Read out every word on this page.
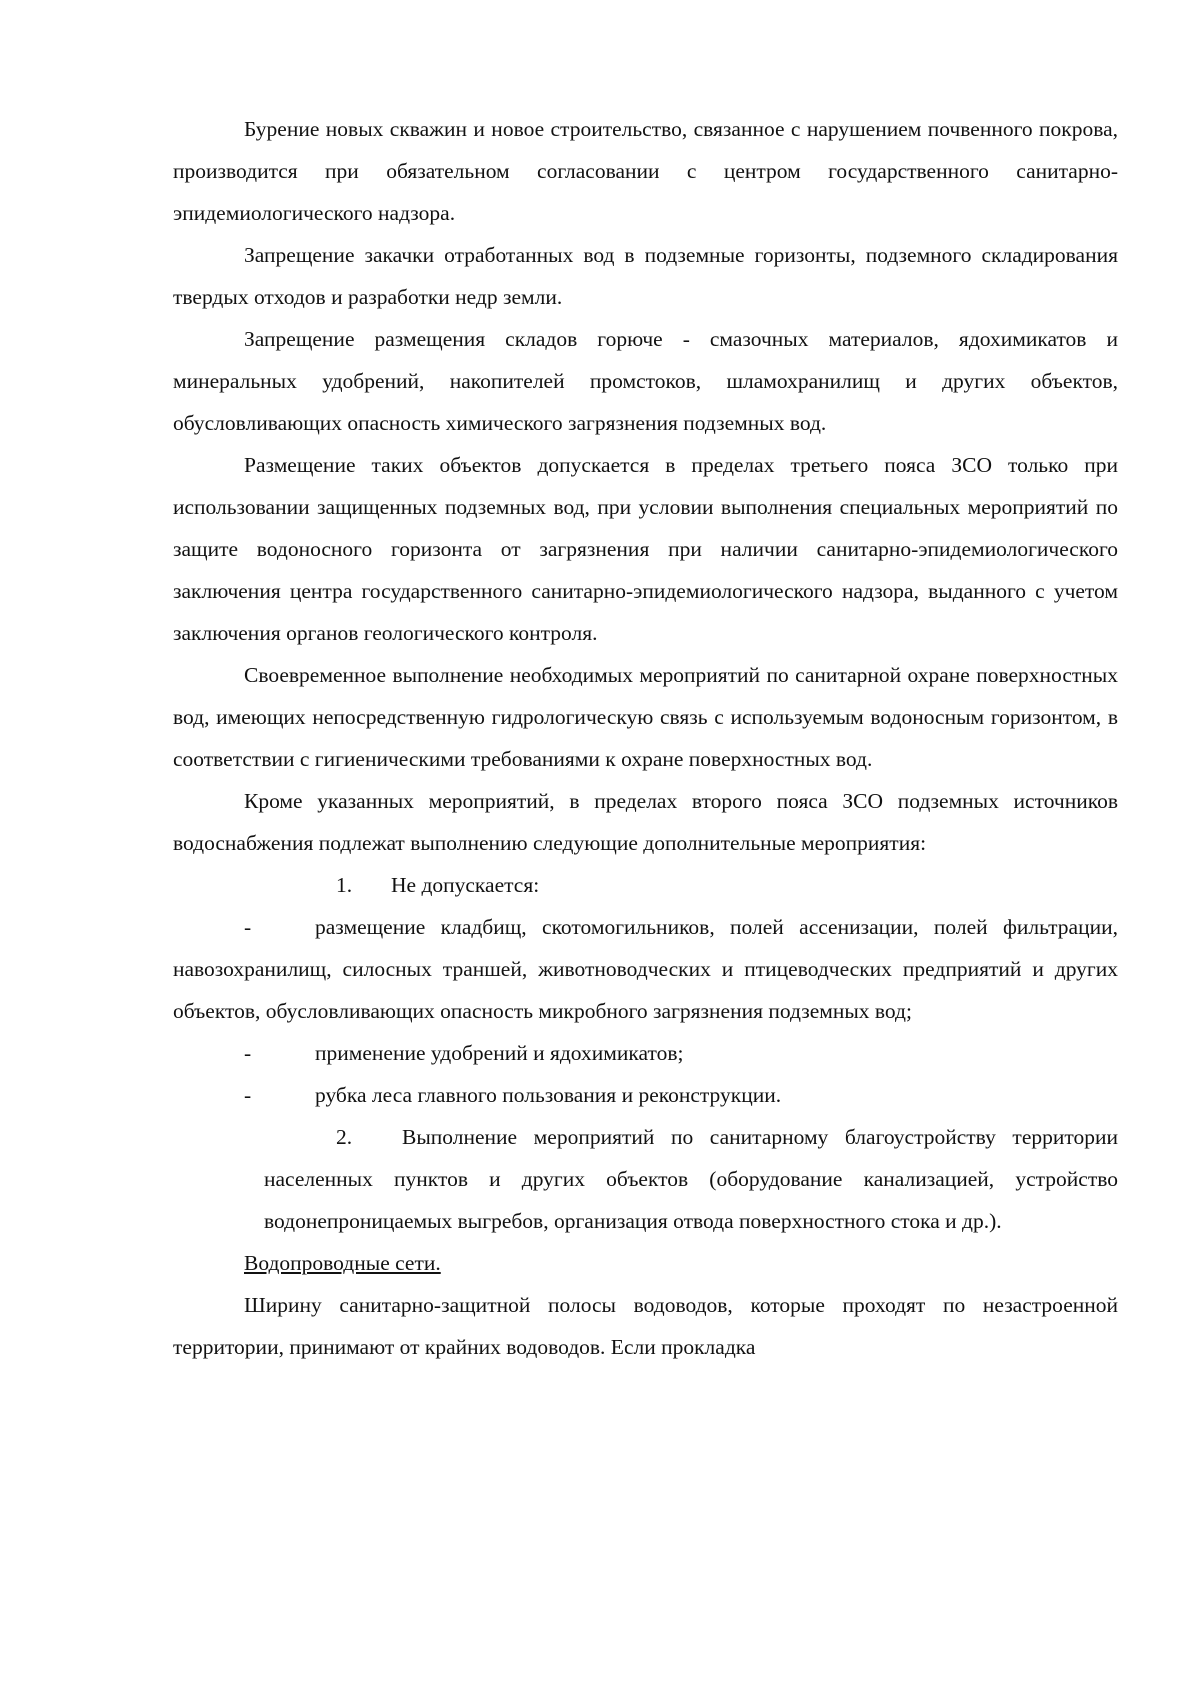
Бурение новых скважин и новое строительство, связанное с нарушением почвенного покрова, производится при обязательном согласовании с центром государственного санитарно-эпидемиологического надзора.

Запрещение закачки отработанных вод в подземные горизонты, подземного складирования твердых отходов и разработки недр земли.

Запрещение размещения складов горюче - смазочных материалов, ядохимикатов и минеральных удобрений, накопителей промстоков, шламохранилищ и других объектов, обусловливающих опасность химического загрязнения подземных вод.

Размещение таких объектов допускается в пределах третьего пояса ЗСО только при использовании защищенных подземных вод, при условии выполнения специальных мероприятий по защите водоносного горизонта от загрязнения при наличии санитарно-эпидемиологического заключения центра государственного санитарно-эпидемиологического надзора, выданного с учетом заключения органов геологического контроля.

Своевременное выполнение необходимых мероприятий по санитарной охране поверхностных вод, имеющих непосредственную гидрологическую связь с используемым водоносным горизонтом, в соответствии с гигиеническими требованиями к охране поверхностных вод.

Кроме указанных мероприятий, в пределах второго пояса ЗСО подземных источников водоснабжения подлежат выполнению следующие дополнительные мероприятия:

1.	Не допускается:

-	размещение кладбищ, скотомогильников, полей ассенизации, полей фильтрации, навозохранилищ, силосных траншей, животноводческих и птицеводческих предприятий и других объектов, обусловливающих опасность микробного загрязнения подземных вод;

-	применение удобрений и ядохимикатов;
-	рубка леса главного пользования и реконструкции.

2. Выполнение мероприятий по санитарному благоустройству территории населенных пунктов и других объектов (оборудование канализацией, устройство водонепроницаемых выгребов, организация отвода поверхностного стока и др.).

Водопроводные сети.

Ширину санитарно-защитной полосы водоводов, которые проходят по незастроенной территории, принимают от крайних водоводов. Если прокладка
